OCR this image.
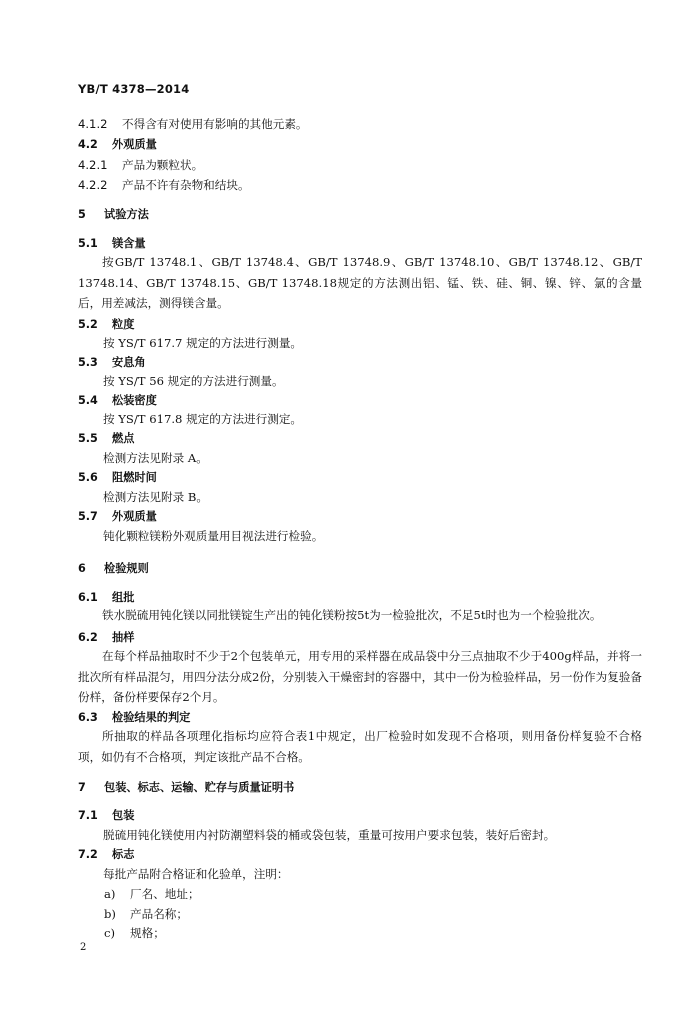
YB/T 4378—2014
4.1.2 不得含有对使用有影响的其他元素。
4.2 外观质量
4.2.1 产品为颗粒状。
4.2.2 产品不许有杂物和结块。
5 试验方法
5.1 镁含量
按GB/T 13748.1、GB/T 13748.4、GB/T 13748.9、GB/T 13748.10、GB/T 13748.12、GB/T 13748.14、GB/T 13748.15、GB/T 13748.18规定的方法测出铝、锰、铁、硅、铜、镍、锌、氯的含量后，用差减法，测得镁含量。
5.2 粒度
按 YS/T 617.7 规定的方法进行测量。
5.3 安息角
按 YS/T 56 规定的方法进行测量。
5.4 松装密度
按 YS/T 617.8 规定的方法进行测定。
5.5 燃点
检测方法见附录 A。
5.6 阻燃时间
检测方法见附录 B。
5.7 外观质量
钝化颗粒镁粉外观质量用目视法进行检验。
6 检验规则
6.1 组批
铁水脱硫用钝化镁以同批镁锭生产出的钝化镁粉按5t为一检验批次，不足5t时也为一个检验批次。
6.2 抽样
在每个样品抽取时不少于2个包装单元，用专用的采样器在成品袋中分三点抽取不少于400g样品，并将一批次所有样品混匀，用四分法分成2份，分别装入干燥密封的容器中，其中一份为检验样品，另一份作为复验备份样，备份样要保存2个月。
6.3 检验结果的判定
所抽取的样品各项理化指标均应符合表1中规定，出厂检验时如发现不合格项，则用备份样复验不合格项，如仍有不合格项，判定该批产品不合格。
7 包装、标志、运输、贮存与质量证明书
7.1 包装
脱硫用钝化镁使用内衬防潮塑料袋的桶或袋包装，重量可按用户要求包装，装好后密封。
7.2 标志
每批产品附合格证和化验单，注明：
a) 厂名、地址；
b) 产品名称；
c) 规格；
2
